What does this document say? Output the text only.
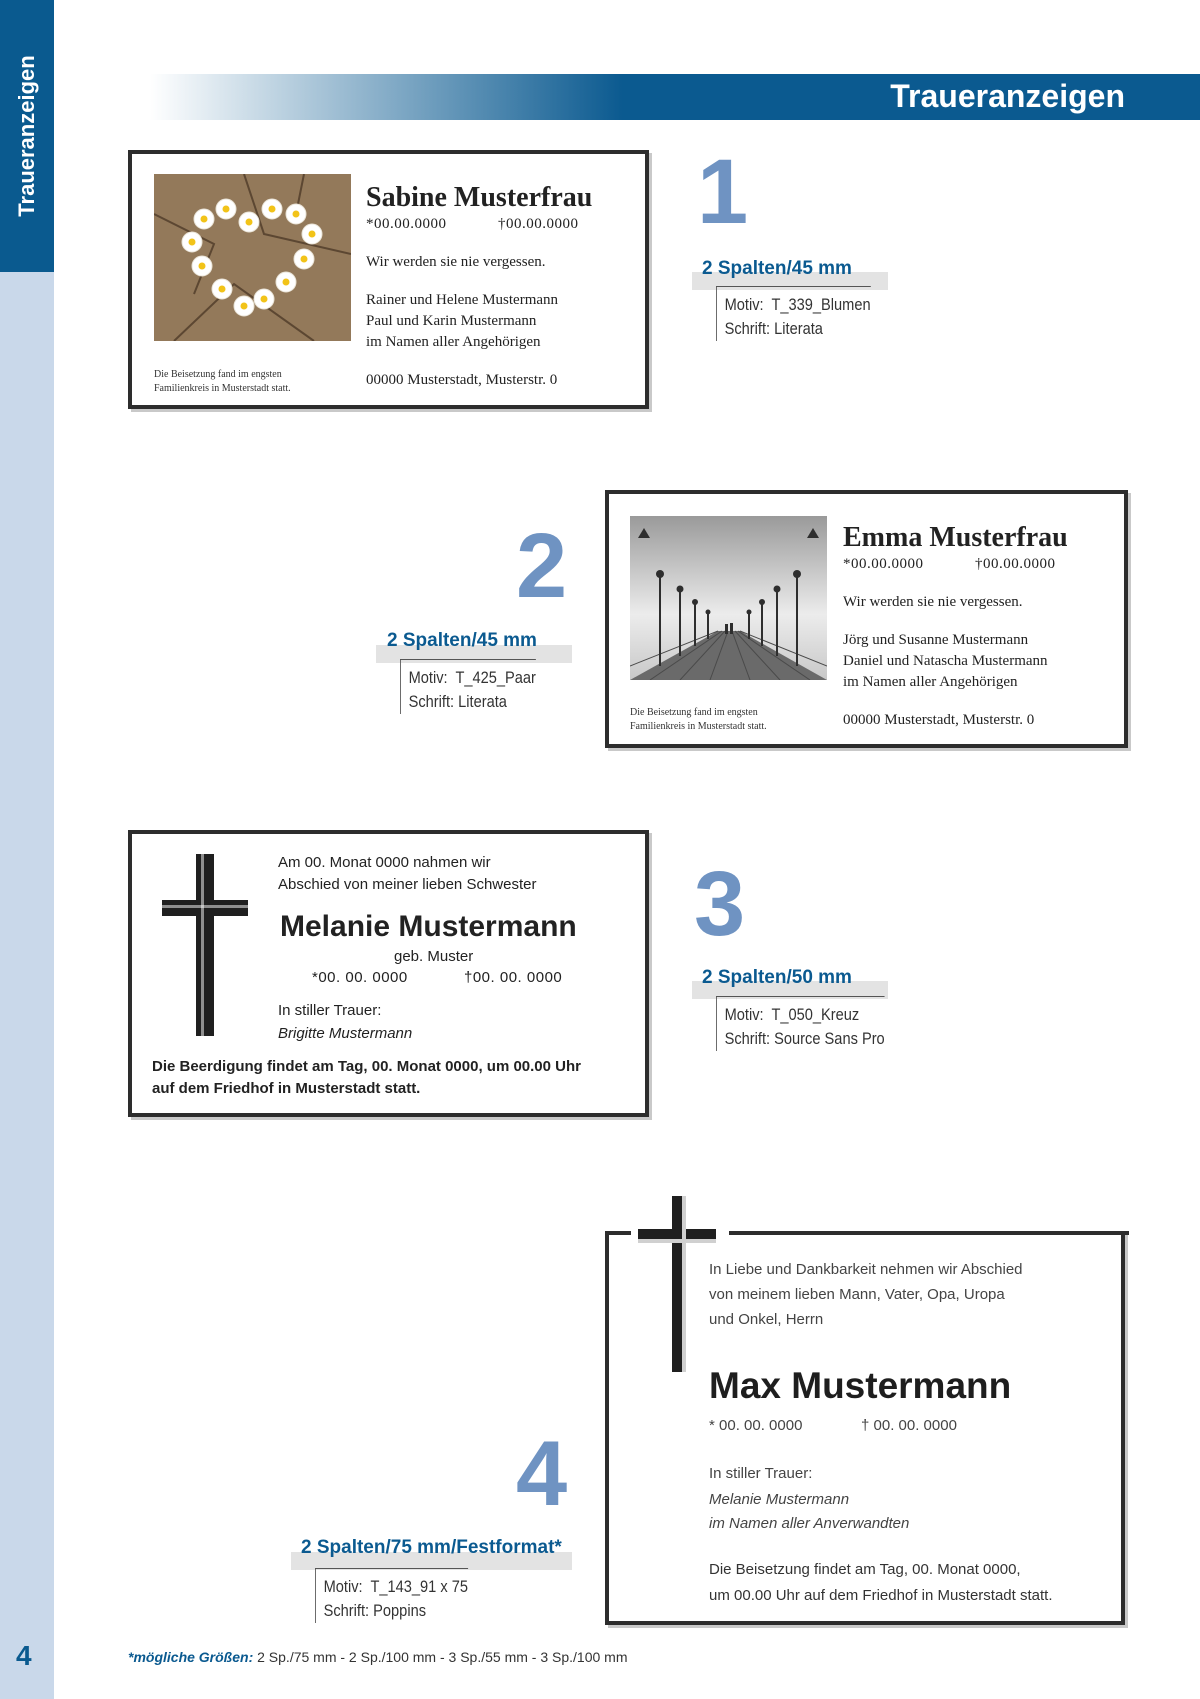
Traueranzeigen
4
Traueranzeigen
Die Beisetzung fand im engsten
Familienkreis in Musterstadt statt.
Sabine Musterfrau
*00.00.0000	†00.00.0000
Wir werden sie nie vergessen.
Rainer und Helene Mustermann
Paul und Karin Mustermann
im Namen aller Angehörigen
00000 Musterstadt, Musterstr. 0
1
2 Spalten/45 mm
Motiv: T_339_Blumen
Schrift: Literata
Die Beisetzung fand im engsten
Familienkreis in Musterstadt statt.
Emma Musterfrau
*00.00.0000	†00.00.0000
Wir werden sie nie vergessen.
Jörg und Susanne Mustermann
Daniel und Natascha Mustermann
im Namen aller Angehörigen
00000 Musterstadt, Musterstr. 0
2
2 Spalten/45 mm
Motiv: T_425_Paar
Schrift: Literata
Am 00. Monat 0000 nahmen wir
Abschied von meiner lieben Schwester
Melanie Mustermann
geb. Muster
*00. 00. 0000	†00. 00. 0000
In stiller Trauer:
Brigitte Mustermann
Die Beerdigung findet am Tag, 00. Monat 0000, um 00.00 Uhr
auf dem Friedhof in Musterstadt statt.
3
2 Spalten/50 mm
Motiv: T_050_Kreuz
Schrift: Source Sans Pro
In Liebe und Dankbarkeit nehmen wir Abschied
von meinem lieben Mann, Vater, Opa, Uropa
und Onkel, Herrn
Max Mustermann
* 00. 00. 0000	† 00. 00. 0000
In stiller Trauer:
Melanie Mustermann
im Namen aller Anverwandten
Die Beisetzung findet am Tag, 00. Monat 0000,
um 00.00 Uhr auf dem Friedhof in Musterstadt statt.
4
2 Spalten/75 mm/Festformat*
Motiv: T_143_91 x 75
Schrift: Poppins
*mögliche Größen: 2 Sp./75 mm - 2 Sp./100 mm - 3 Sp./55 mm - 3 Sp./100 mm
